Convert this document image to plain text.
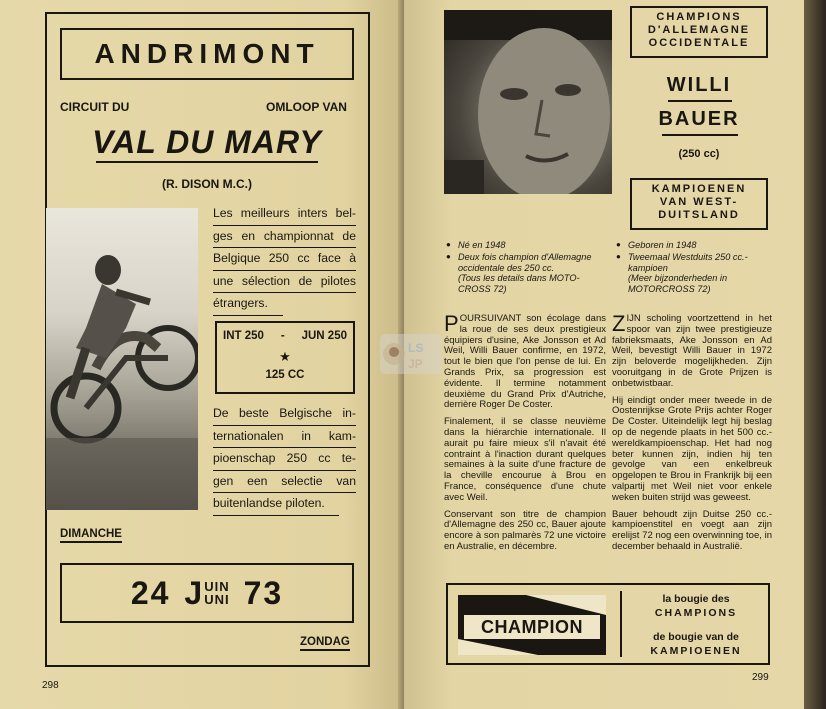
ANDRIMONT
CIRCUIT DU	OMLOOP VAN
VAL DU MARY
(R. DISON M.C.)
Les meilleurs inters bel-
ges en championnat de
Belgique 250 cc face à
une sélection de pilotes
étrangers.
INT 250 - JUN 250
★
125 CC
De beste Belgische in-
ternationalen in kam-
pioenschap 250 cc te-
gen een selectie van
buitenlandse piloten.
DIMANCHE
24 J UIN
UNI 73
ZONDAG
298
299
CHAMPIONS
D'ALLEMAGNE
OCCIDENTALE
WILLI
BAUER
(250 cc)
KAMPIOENEN
VAN WEST-
DUITSLAND
● Né en 1948
● Deux fois champion d'Allemagne occidentale des 250 cc.
(Tous les details dans MOTO-CROSS 72)
● Geboren in 1948
● Tweemaal Westduits 250 cc.-kampioen
(Meer bijzonderheden in MOTORCROSS 72)

POURSUIVANT son écolage dans la roue de ses deux prestigieux équipiers d'usine, Ake Jonsson et Ad Weil, Willi Bauer confirme, en 1972, tout le bien que l'on pense de lui. En Grands Prix, sa progression est évidente. Il termine notamment deuxième du Grand Prix d'Autriche, derrière Roger De Coster.

Finalement, il se classe neuvième dans la hiérarchie internationale. Il aurait pu faire mieux s'il n'avait été contraint à l'inaction durant quelques semaines à la suite d'une fracture de la cheville encourue à Brou en France, conséquence d'une chute avec Weil.

Conservant son titre de champion d'Allemagne des 250 cc, Bauer ajoute encore à son palmarès 72 une victoire en Australie, en décembre.

ZIJN scholing voortzettend in het spoor van zijn twee prestigieuze fabrieksmaats, Ake Jonsson en Ad Weil, bevestigt Willi Bauer in 1972 zijn beloverde mogelijkheden. Zijn vooruitgang in de Grote Prijzen is onbetwistbaar.

Hij eindigt onder meer tweede in de Oostenrijkse Grote Prijs achter Roger De Coster. Uiteindelijk legt hij beslag op de negende plaats in het 500 cc.-wereldkampioenschap. Het had nog beter kunnen zijn, indien hij ten gevolge van een enkelbreuk opgelopen te Brou in Frankrijk bij een valpartij met Weil niet voor enkele weken buiten strijd was geweest.

Bauer behoudt zijn Duitse 250 cc.-kampioenstitel en voegt aan zijn erelijst 72 nog een overwinning toe, in december behaald in Australië.

LS
JP
CHAMPION
la bougie des
CHAMPIONS
de bougie van de
KAMPIOENEN
